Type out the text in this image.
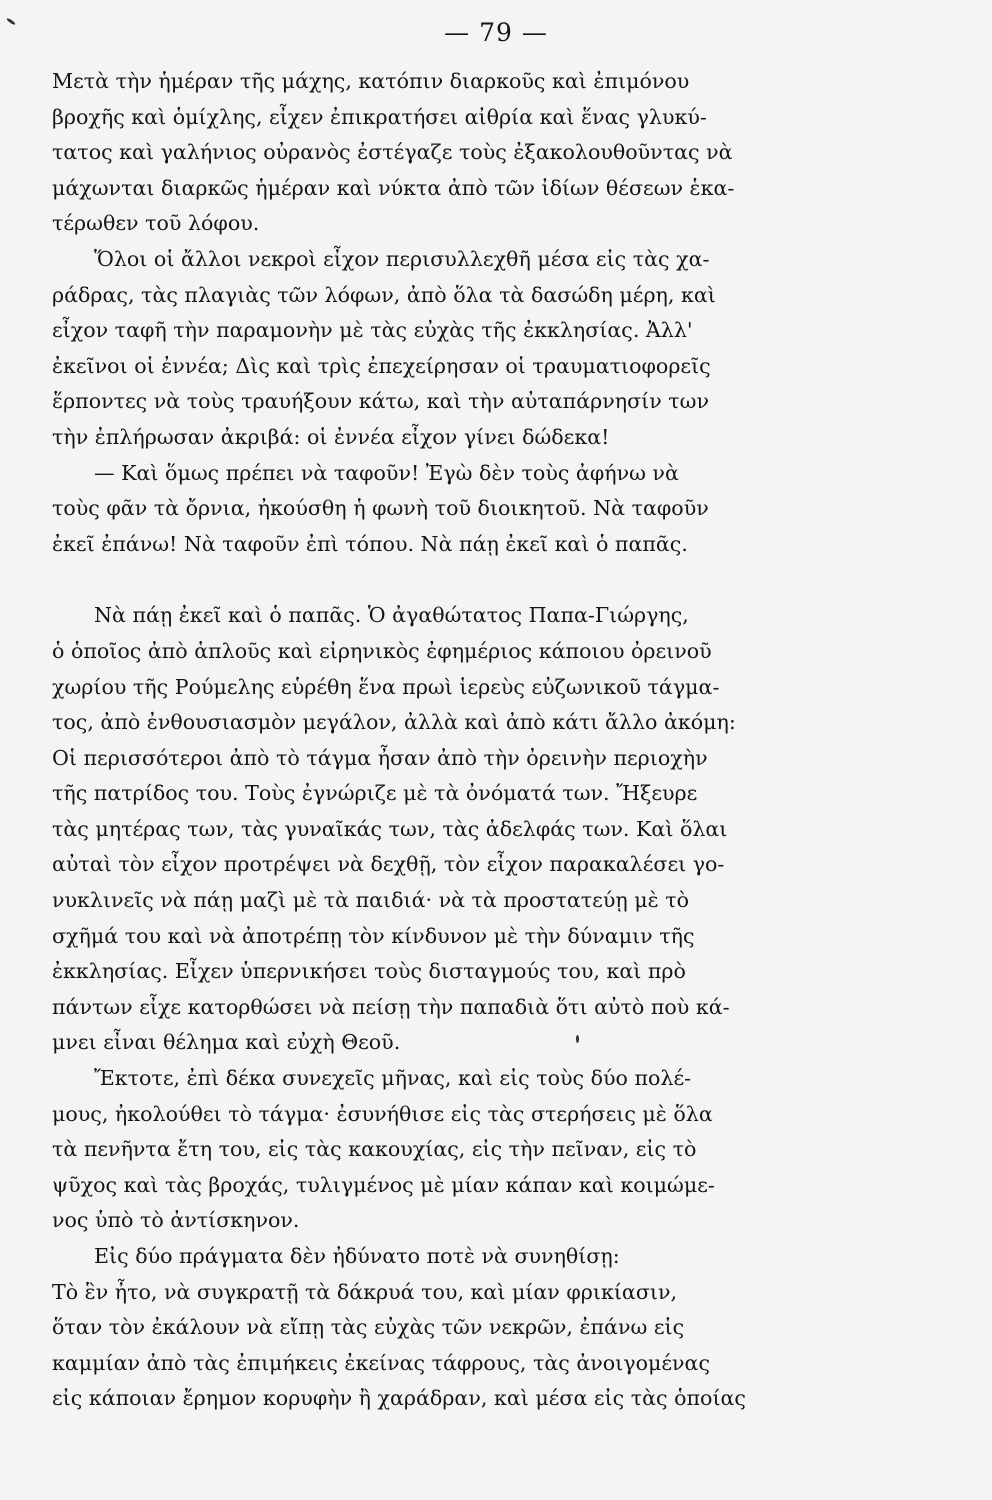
— 79 —
Μετὰ τὴν ἡμέραν τῆς μάχης, κατόπιν διαρκοῦς καὶ ἐπιμόνου
βροχῆς καὶ ὁμίχλης, εἶχεν ἐπικρατήσει αἰθρία καὶ ἕνας γλυκύ-
τατος καὶ γαλήνιος οὐρανὸς ἐστέγαζε τοὺς ἐξακολουθοῦντας νὰ
μάχωνται διαρκῶς ἡμέραν καὶ νύκτα ἀπὸ τῶν ἰδίων θέσεων ἑκα-
τέρωθεν τοῦ λόφου.
Ὅλοι οἱ ἄλλοι νεκροὶ εἶχον περισυλλεχθῆ μέσα εἰς τὰς χα-
ράδρας, τὰς πλαγιὰς τῶν λόφων, ἀπὸ ὅλα τὰ δασώδη μέρη, καὶ
εἶχον ταφῆ τὴν παραμονὴν μὲ τὰς εὐχὰς τῆς ἐκκλησίας. Ἀλλ'
ἐκεῖνοι οἱ ἐννέα; Δὶς καὶ τρὶς ἐπεχείρησαν οἱ τραυματιοφορεῖς
ἕρποντες νὰ τοὺς τραυήξουν κάτω, καὶ τὴν αὐταπάρνησίν των
τὴν ἐπλήρωσαν ἀκριβά: οἱ ἐννέα εἶχον γίνει δώδεκα!
— Καὶ ὅμως πρέπει νὰ ταφοῦν! Ἐγὼ δὲν τοὺς ἀφήνω νὰ
τοὺς φᾶν τὰ ὄρνια, ἠκούσθη ἡ φωνὴ τοῦ διοικητοῦ. Νὰ ταφοῦν
ἐκεῖ ἐπάνω! Νὰ ταφοῦν ἐπὶ τόπου. Νὰ πάῃ ἐκεῖ καὶ ὁ παπᾶς.
Νὰ πάῃ ἐκεῖ καὶ ὁ παπᾶς. Ὁ ἀγαθώτατος Παπα-Γιώργης,
ὁ ὁποῖος ἀπὸ ἁπλοῦς καὶ εἰρηνικὸς ἐφημέριος κάποιου ὀρεινοῦ
χωρίου τῆς Ρούμελης εὑρέθη ἕνα πρωὶ ἱερεὺς εὐζωνικοῦ τάγμα-
τος, ἀπὸ ἐνθουσιασμὸν μεγάλον, ἀλλὰ καὶ ἀπὸ κάτι ἄλλο ἀκόμη:
Οἱ περισσότεροι ἀπὸ τὸ τάγμα ἦσαν ἀπὸ τὴν ὀρεινὴν περιοχὴν
τῆς πατρίδος του. Τοὺς ἐγνώριζε μὲ τὰ ὀνόματά των. Ἤξευρε
τὰς μητέρας των, τὰς γυναῖκάς των, τὰς ἀδελφάς των. Καὶ ὅλαι
αὐταὶ τὸν εἶχον προτρέψει νὰ δεχθῇ, τὸν εἶχον παρακαλέσει γο-
νυκλινεῖς νὰ πάῃ μαζὶ μὲ τὰ παιδιά· νὰ τὰ προστατεύῃ μὲ τὸ
σχῆμά του καὶ νὰ ἀποτρέπῃ τὸν κίνδυνον μὲ τὴν δύναμιν τῆς
ἐκκλησίας. Εἶχεν ὑπερνικήσει τοὺς δισταγμούς του, καὶ πρὸ
πάντων εἶχε κατορθώσει νὰ πείσῃ τὴν παπαδιὰ ὅτι αὐτὸ ποὺ κά-
μνει εἶναι θέλημα καὶ εὐχὴ Θεοῦ.
Ἔκτοτε, ἐπὶ δέκα συνεχεῖς μῆνας, καὶ εἰς τοὺς δύο πολέ-
μους, ἠκολούθει τὸ τάγμα· ἐσυνήθισε εἰς τὰς στερήσεις μὲ ὅλα
τὰ πενῆντα ἔτη του, εἰς τὰς κακουχίας, εἰς τὴν πεῖναν, εἰς τὸ
ψῦχος καὶ τὰς βροχάς, τυλιγμένος μὲ μίαν κάπαν καὶ κοιμώμε-
νος ὑπὸ τὸ ἀντίσκηνον.
Εἰς δύο πράγματα δὲν ἠδύνατο ποτὲ νὰ συνηθίσῃ:
Τὸ ἓν ἦτο, νὰ συγκρατῇ τὰ δάκρυά του, καὶ μίαν φρικίασιν,
ὅταν τὸν ἐκάλουν νὰ εἴπῃ τὰς εὐχὰς τῶν νεκρῶν, ἐπάνω εἰς
καμμίαν ἀπὸ τὰς ἐπιμήκεις ἐκείνας τάφρους, τὰς ἀνοιγομένας
εἰς κάποιαν ἔρημον κορυφὴν ἢ χαράδραν, καὶ μέσα εἰς τὰς ὁποίας
